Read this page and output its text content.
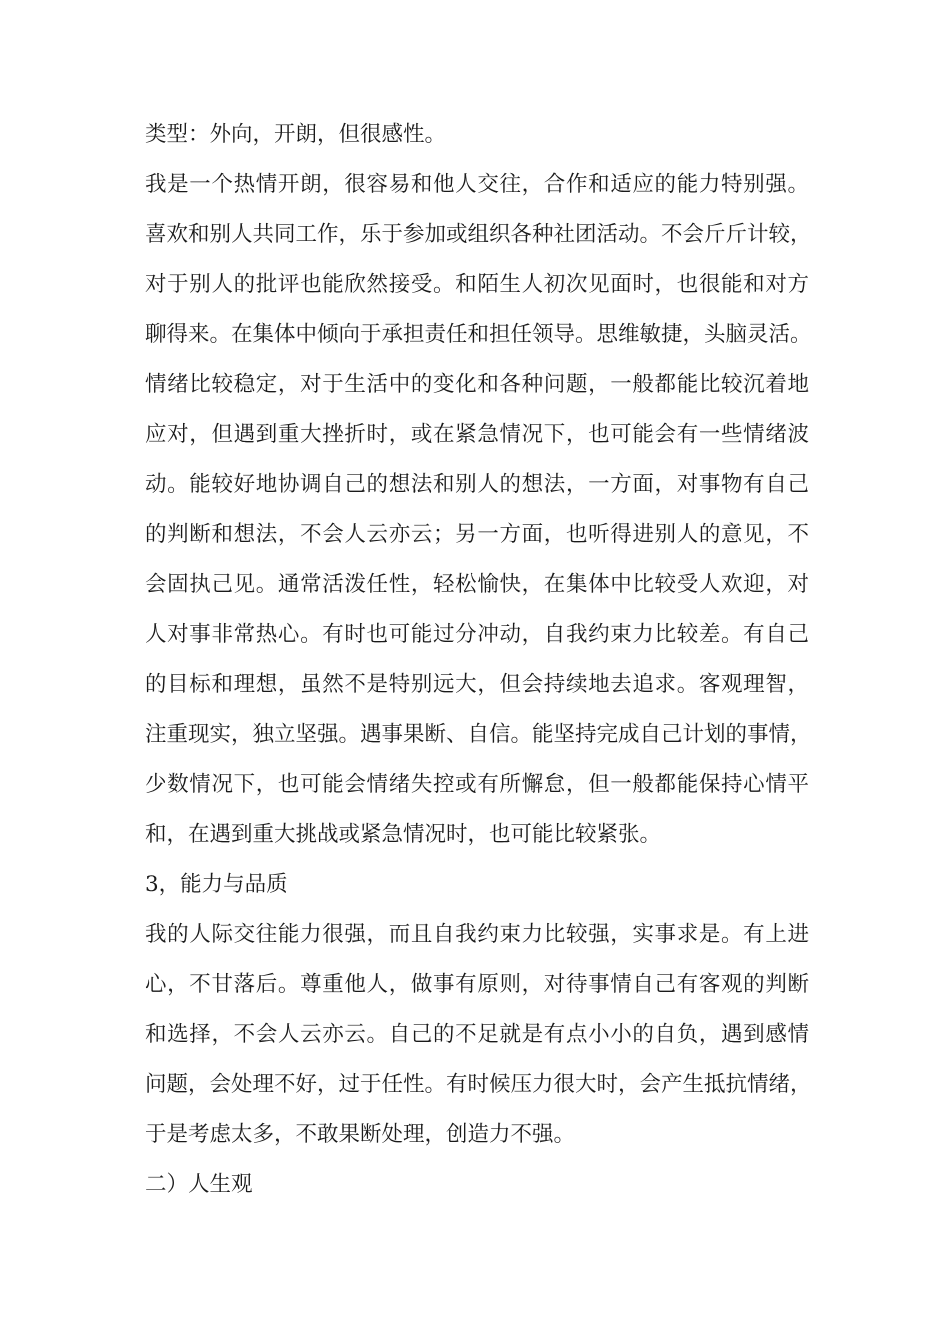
类型：外向，开朗，但很感性。
我是一个热情开朗，很容易和他人交往，合作和适应的能力特别强。
喜欢和别人共同工作，乐于参加或组织各种社团活动。不会斤斤计较，
对于别人的批评也能欣然接受。和陌生人初次见面时，也很能和对方
聊得来。在集体中倾向于承担责任和担任领导。思维敏捷，头脑灵活。
情绪比较稳定，对于生活中的变化和各种问题，一般都能比较沉着地
应对，但遇到重大挫折时，或在紧急情况下，也可能会有一些情绪波
动。能较好地协调自己的想法和别人的想法，一方面，对事物有自己
的判断和想法，不会人云亦云；另一方面，也听得进别人的意见，不
会固执己见。通常活泼任性，轻松愉快，在集体中比较受人欢迎，对
人对事非常热心。有时也可能过分冲动，自我约束力比较差。有自己
的目标和理想，虽然不是特别远大，但会持续地去追求。客观理智，
注重现实，独立坚强。遇事果断、自信。能坚持完成自己计划的事情，
少数情况下，也可能会情绪失控或有所懈怠，但一般都能保持心情平
和，在遇到重大挑战或紧急情况时，也可能比较紧张。
3，能力与品质
我的人际交往能力很强，而且自我约束力比较强，实事求是。有上进
心，不甘落后。尊重他人，做事有原则，对待事情自己有客观的判断
和选择，不会人云亦云。自己的不足就是有点小小的自负，遇到感情
问题，会处理不好，过于任性。有时候压力很大时，会产生抵抗情绪，
于是考虑太多，不敢果断处理，创造力不强。
二）人生观
